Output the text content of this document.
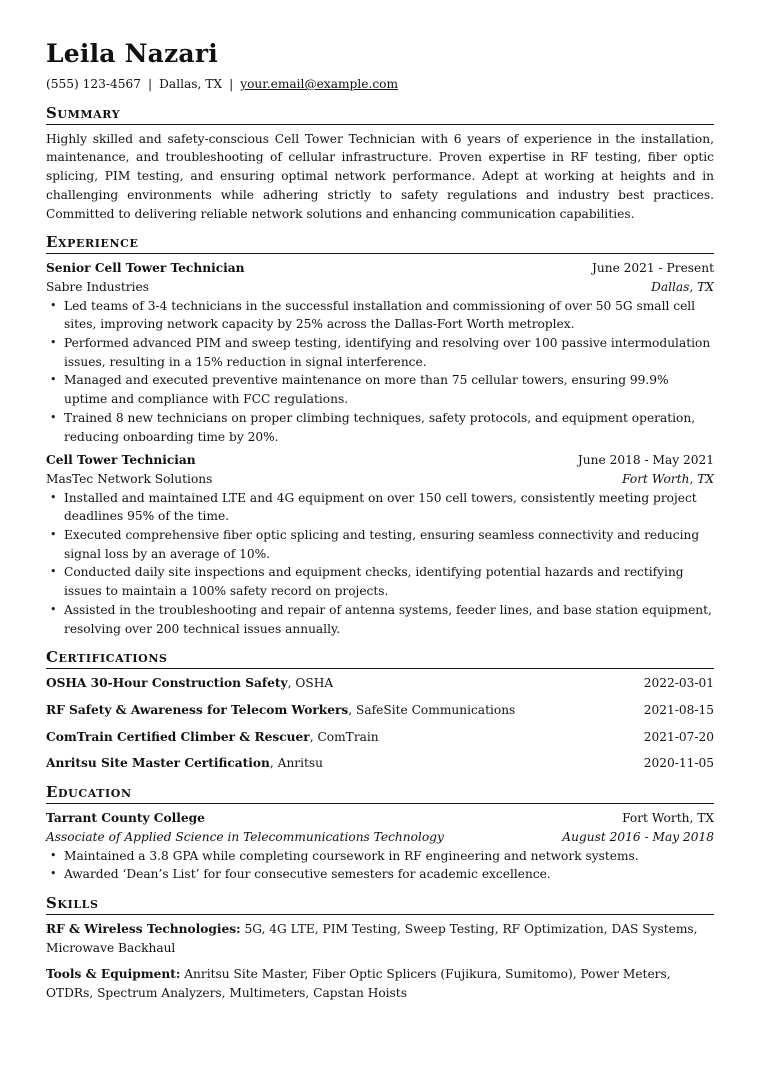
Leila Nazari
(555) 123-4567 | Dallas, TX | your.email@example.com
Summary

Highly skilled and safety-conscious Cell Tower Technician with 6 years of experience in the installation, maintenance, and troubleshooting of cellular infrastructure. Proven expertise in RF testing, fiber optic splicing, PIM testing, and ensuring optimal network performance. Adept at working at heights and in challenging environments while adhering strictly to safety regulations and industry best practices. Committed to delivering reliable network solutions and enhancing communication capabilities.

Experience
Senior Cell Tower Technician	June 2021 - Present
Sabre Industries	Dallas, TX
• Led teams of 3-4 technicians in the successful installation and commissioning of over 50 5G small cell sites, improving network capacity by 25% across the Dallas-Fort Worth metroplex.
• Performed advanced PIM and sweep testing, identifying and resolving over 100 passive intermodulation issues, resulting in a 15% reduction in signal interference.
• Managed and executed preventive maintenance on more than 75 cellular towers, ensuring 99.9% uptime and compliance with FCC regulations.
• Trained 8 new technicians on proper climbing techniques, safety protocols, and equipment operation, reducing onboarding time by 20%.
Cell Tower Technician	June 2018 - May 2021
MasTec Network Solutions	Fort Worth, TX
• Installed and maintained LTE and 4G equipment on over 150 cell towers, consistently meeting project deadlines 95% of the time.
• Executed comprehensive fiber optic splicing and testing, ensuring seamless connectivity and reducing signal loss by an average of 10%.
• Conducted daily site inspections and equipment checks, identifying potential hazards and rectifying issues to maintain a 100% safety record on projects.
• Assisted in the troubleshooting and repair of antenna systems, feeder lines, and base station equipment, resolving over 200 technical issues annually.
Certifications
OSHA 30-Hour Construction Safety, OSHA	2022-03-01
RF Safety & Awareness for Telecom Workers, SafeSite Communications	2021-08-15
ComTrain Certified Climber & Rescuer, ComTrain	2021-07-20
Anritsu Site Master Certification, Anritsu	2020-11-05
Education
Tarrant County College	Fort Worth, TX
Associate of Applied Science in Telecommunications Technology	August 2016 - May 2018
• Maintained a 3.8 GPA while completing coursework in RF engineering and network systems.
• Awarded ‘Dean’s List’ for four consecutive semesters for academic excellence.
Skills
RF & Wireless Technologies: 5G, 4G LTE, PIM Testing, Sweep Testing, RF Optimization, DAS Systems, Microwave Backhaul
Tools & Equipment: Anritsu Site Master, Fiber Optic Splicers (Fujikura, Sumitomo), Power Meters, OTDRs, Spectrum Analyzers, Multimeters, Capstan Hoists
